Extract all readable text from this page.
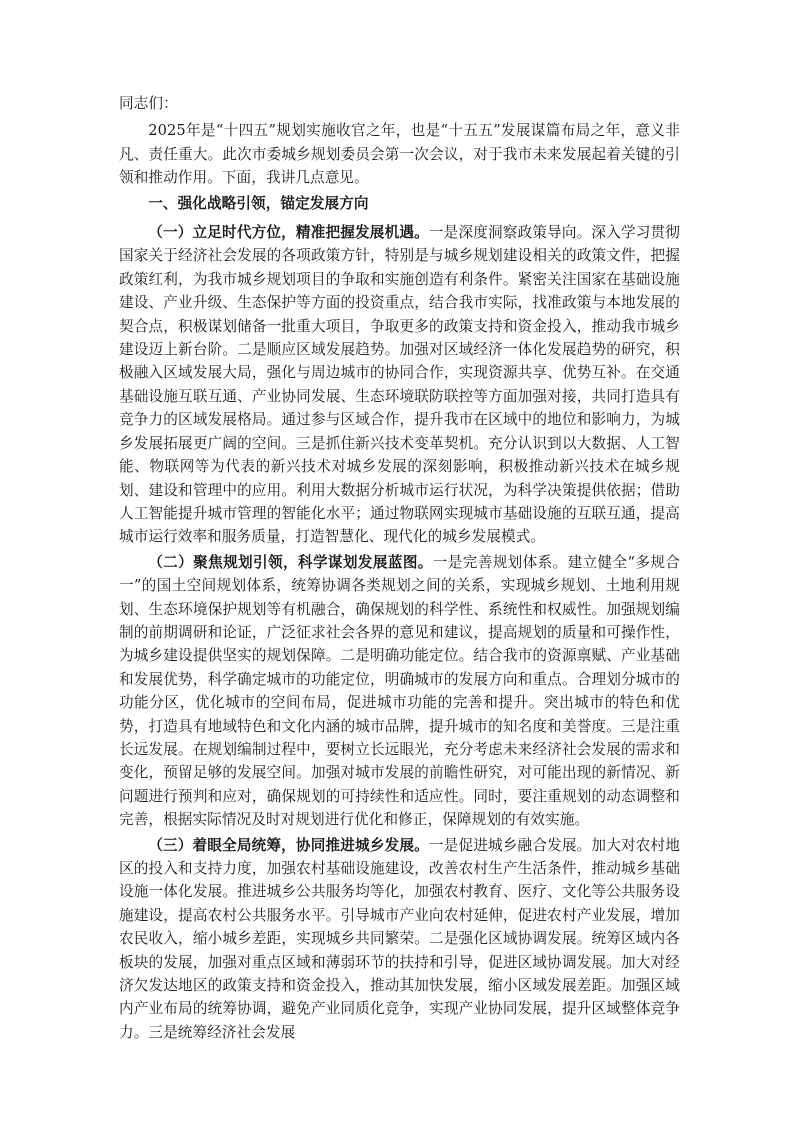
同志们：

2025年是“十四五”规划实施收官之年，也是“十五五”发展谋篇布局之年，意义非凡、责任重大。此次市委城乡规划委员会第一次会议，对于我市未来发展起着关键的引领和推动作用。下面，我讲几点意见。

一、强化战略引领，锚定发展方向

（一）立足时代方位，精准把握发展机遇。一是深度洞察政策导向。深入学习贯彻国家关于经济社会发展的各项政策方针，特别是与城乡规划建设相关的政策文件，把握政策红利，为我市城乡规划项目的争取和实施创造有利条件。紧密关注国家在基础设施建设、产业升级、生态保护等方面的投资重点，结合我市实际，找准政策与本地发展的契合点，积极谋划储备一批重大项目，争取更多的政策支持和资金投入，推动我市城乡建设迈上新台阶。二是顺应区域发展趋势。加强对区域经济一体化发展趋势的研究，积极融入区域发展大局，强化与周边城市的协同合作，实现资源共享、优势互补。在交通基础设施互联互通、产业协同发展、生态环境联防联控等方面加强对接，共同打造具有竞争力的区域发展格局。通过参与区域合作，提升我市在区域中的地位和影响力，为城乡发展拓展更广阔的空间。三是抓住新兴技术变革契机。充分认识到以大数据、人工智能、物联网等为代表的新兴技术对城乡发展的深刻影响，积极推动新兴技术在城乡规划、建设和管理中的应用。利用大数据分析城市运行状况，为科学决策提供依据；借助人工智能提升城市管理的智能化水平；通过物联网实现城市基础设施的互联互通，提高城市运行效率和服务质量，打造智慧化、现代化的城乡发展模式。

（二）聚焦规划引领，科学谋划发展蓝图。一是完善规划体系。建立健全“多规合一”的国土空间规划体系，统筹协调各类规划之间的关系，实现城乡规划、土地利用规划、生态环境保护规划等有机融合，确保规划的科学性、系统性和权威性。加强规划编制的前期调研和论证，广泛征求社会各界的意见和建议，提高规划的质量和可操作性，为城乡建设提供坚实的规划保障。二是明确功能定位。结合我市的资源禀赋、产业基础和发展优势，科学确定城市的功能定位，明确城市的发展方向和重点。合理划分城市的功能分区，优化城市的空间布局，促进城市功能的完善和提升。突出城市的特色和优势，打造具有地域特色和文化内涵的城市品牌，提升城市的知名度和美誉度。三是注重长远发展。在规划编制过程中，要树立长远眼光，充分考虑未来经济社会发展的需求和变化，预留足够的发展空间。加强对城市发展的前瞻性研究，对可能出现的新情况、新问题进行预判和应对，确保规划的可持续性和适应性。同时，要注重规划的动态调整和完善，根据实际情况及时对规划进行优化和修正，保障规划的有效实施。

（三）着眼全局统筹，协同推进城乡发展。一是促进城乡融合发展。加大对农村地区的投入和支持力度，加强农村基础设施建设，改善农村生产生活条件，推动城乡基础设施一体化发展。推进城乡公共服务均等化，加强农村教育、医疗、文化等公共服务设施建设，提高农村公共服务水平。引导城市产业向农村延伸，促进农村产业发展，增加农民收入，缩小城乡差距，实现城乡共同繁荣。二是强化区域协调发展。统筹区域内各板块的发展，加强对重点区域和薄弱环节的扶持和引导，促进区域协调发展。加大对经济欠发达地区的政策支持和资金投入，推动其加快发展，缩小区域发展差距。加强区域内产业布局的统筹协调，避免产业同质化竞争，实现产业协同发展，提升区域整体竞争力。三是统筹经济社会发展
